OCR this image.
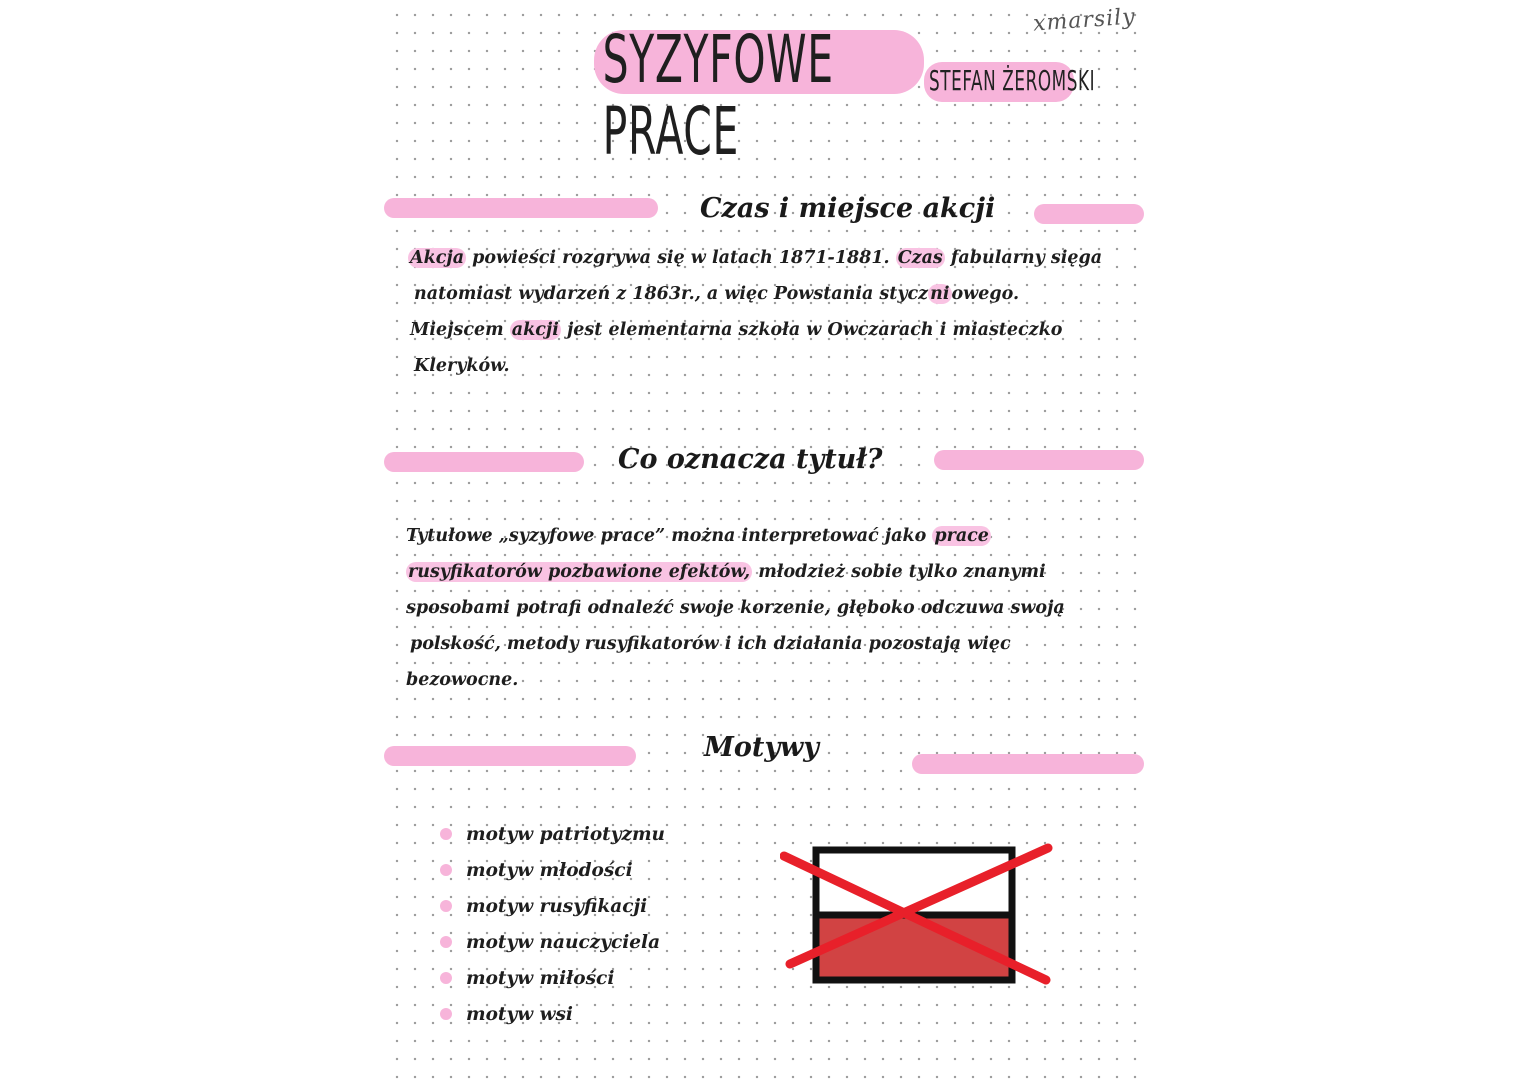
xmarsily
SYZYFOWE PRACE
STEFAN ŻEROMSKI
Czas i miejsce akcji
Akcja powieści rozgrywa się w latach 1871-1881. Czas fabularny sięga
natomiast wydarzeń z 1863r., a więc Powstania stycz ni owego.
Miejscem akcji jest elementarna szkoła w Owczarach i miasteczko
Kleryków.
Co oznacza tytuł?
Tytułowe „syzyfowe prace” można interpretować jako prace
rusyfikatorów pozbawione efektów, młodzież sobie tylko znanymi
sposobami potrafi odnaleźć swoje korzenie, głęboko odczuwa swoją
polskość, metody rusyfikatorów i ich działania pozostają więc
bezowocne.
Motywy
motyw patriotyzmu
motyw młodości
motyw rusyfikacji
motyw nauczyciela
motyw miłości
motyw wsi
